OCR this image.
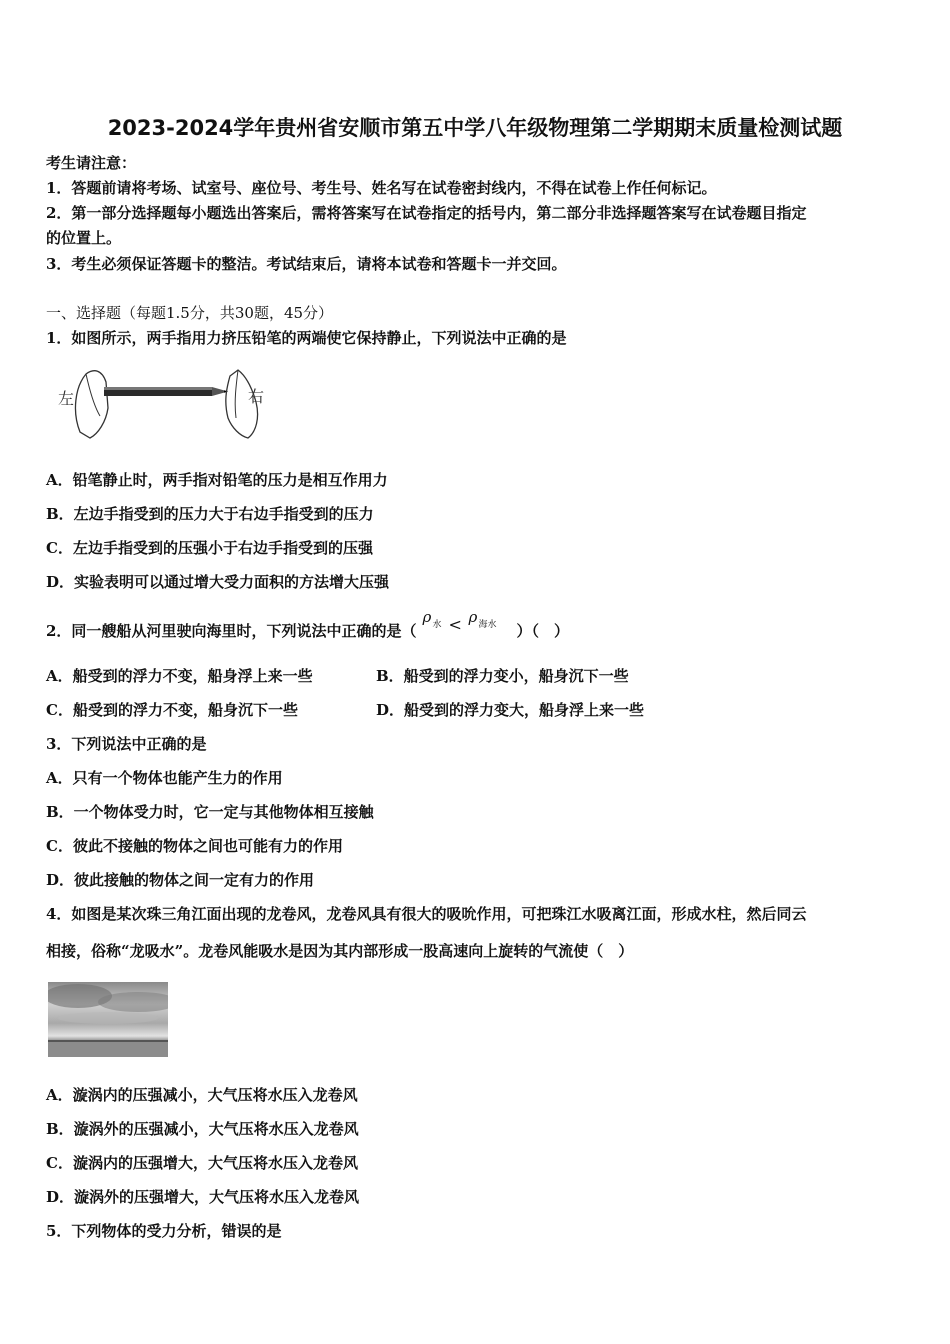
2023-2024学年贵州省安顺市第五中学八年级物理第二学期期末质量检测试题
考生请注意：
1．答题前请将考场、试室号、座位号、考生号、姓名写在试卷密封线内，不得在试卷上作任何标记。
2．第一部分选择题每小题选出答案后，需将答案写在试卷指定的括号内，第二部分非选择题答案写在试卷题目指定
的位置上。
3．考生必须保证答题卡的整洁。考试结束后，请将本试卷和答题卡一并交回。
一、选择题（每题1.5分，共30题，45分）
1．如图所示，两手指用力挤压铅笔的两端使它保持静止，下列说法中正确的是
左	右
A．铅笔静止时，两手指对铅笔的压力是相互作用力
B．左边手指受到的压力大于右边手指受到的压力
C．左边手指受到的压强小于右边手指受到的压强
D．实验表明可以通过增大受力面积的方法增大压强
2．同一艘船从河里驶向海里时，下列说法中正确的是（
ρ 水 < ρ 海水 ）（　）
A．船受到的浮力不变，船身浮上来一些	B．船受到的浮力变小，船身沉下一些
C．船受到的浮力不变，船身沉下一些	D．船受到的浮力变大，船身浮上来一些
3．下列说法中正确的是
A．只有一个物体也能产生力的作用
B．一个物体受力时，它一定与其他物体相互接触
C．彼此不接触的物体之间也可能有力的作用
D．彼此接触的物体之间一定有力的作用
4．如图是某次珠三角江面出现的龙卷风，龙卷风具有很大的吸吮作用，可把珠江水吸离江面，形成水柱，然后同云
相接，俗称“龙吸水”。龙卷风能吸水是因为其内部形成一股高速向上旋转的气流使（　）
A．漩涡内的压强减小，大气压将水压入龙卷风
B．漩涡外的压强减小，大气压将水压入龙卷风
C．漩涡内的压强增大，大气压将水压入龙卷风
D．漩涡外的压强增大，大气压将水压入龙卷风
5．下列物体的受力分析，错误的是
